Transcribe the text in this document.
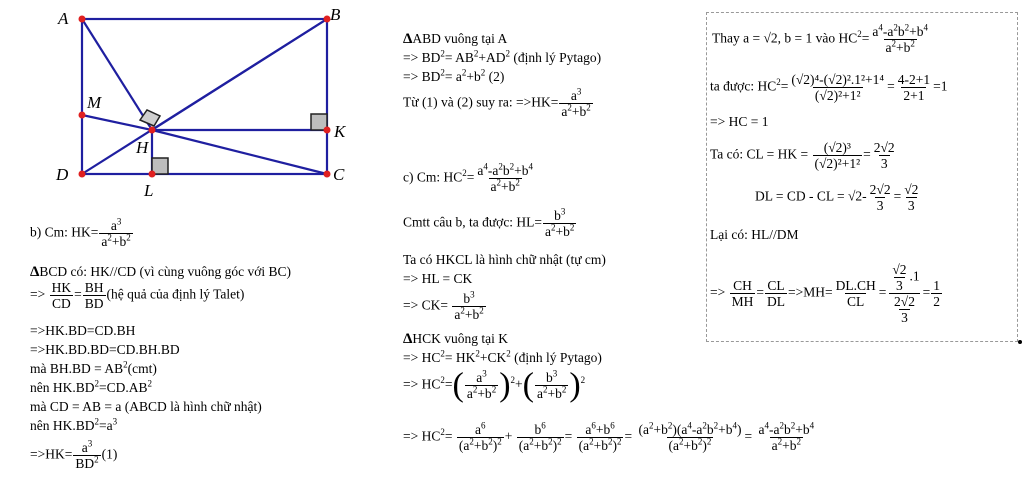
A	B
M
K
H
D
L
C
b) Cm: $HK= \frac{a^3}{a^2+b^2}$
ΔBCD có: HK//CD (vì cùng vuông góc với BC)
=> $\frac{HK}{CD} = \frac{BH}{BD}$ (hệ quả của định lý Talet)
=>HK.BD=CD.BH
=>HK.BD.BD=CD.BH.BD
mà $BH.BD = AB^2(cmt)$
nên $HK.BD^2=CD.AB^2$
mà CD = AB = a (ABCD là hình chữ nhật)
nên $HK.BD^2=a^3$
$=>HK= \frac{a^3}{BD^2} (1)$
ΔABD vuông tại A
=> $BD^2= AB^2+AD^2$ (định lý Pytago)
=> $BD^2= a^2+b^2$ (2)
Từ (1) và (2) suy ra: $=>HK= \frac{a^3}{a^2+b^2}$
c) Cm: $HC^2= \frac{a^4-a^2b^2+b^4}{a^2+b^2}$
Cmtt câu b, ta được: $HL= \frac{b^3}{a^2+b^2}$
Ta có HKCL là hình chữ nhật (tự cm)
=> HL = CK
=> $CK= \frac{b^3}{a^2+b^2}$
ΔHCK vuông tại K
=> $HC^2= HK^2+CK^2$ (định lý Pytago)
=> $HC^2=( \frac{a^3}{a^2+b^2} )^2+( \frac{b^3}{a^2+b^2} )^2$
=> $HC^2= \frac{a^6}{(a^2+b^2)^2} + \frac{b^6}{(a^2+b^2)^2} = \frac{a^6+b^6}{(a^2+b^2)^2} = \frac{(a^2+b^2)(a^4-a^2b^2+b^4)}{(a^2+b^2)^2} = \frac{a^4-a^2b^2+b^4}{a^2+b^2}$
Thay a = √2, b = 1 vào $HC^2= \frac{a^4-a^2b^2+b^4}{a^2+b^2}$
ta được: $HC^2= \frac{\text{(√2)⁴-(√2)².1²+1⁴}}{\text{(√2)²+1²}} = \frac{4-2+1}{2+1} =1$
=> HC = 1
Ta có: CL = HK = $\frac{\text{(√2)³}}{\text{(√2)²+1²}} = \frac{2√2}{3}$
DL = CD - CL = $√2- \frac{2√2}{3} = \frac{√2}{3}$
Lại có: HL//DM
=> $\frac{CH}{MH} = \frac{CL}{DL} =>MH= \frac{DL.CH}{CL} = \frac{\frac{√2}{3} .1}{\frac{2√2}{3}} = \frac{1}{2}$
